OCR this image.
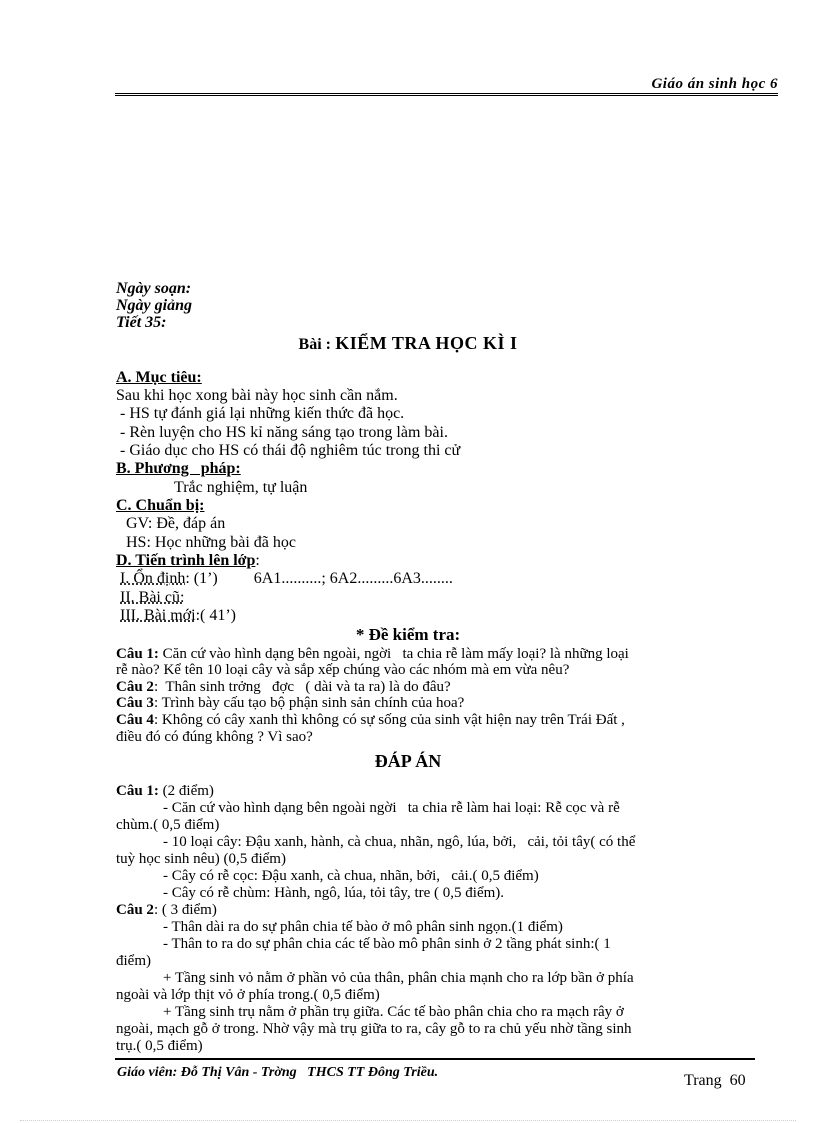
Giáo án sinh học 6
Ngày soạn:
Ngày giảng
Tiết 35:
Bài : KIỂM TRA HỌC KÌ I
A. Mục tiêu:
Sau khi học xong bài này học sinh cần nắm.
- HS tự đánh giá lại những kiến thức đã học.
- Rèn luyện cho HS kỉ năng sáng tạo trong làm bài.
- Giáo dục cho HS có thái độ nghiêm túc trong thi cử
B. Phương   pháp:
Trắc nghiệm, tự luận
C. Chuẩn bị:
GV: Đề, đáp án
HS: Học những bài đã học
D. Tiến trình lên lớp:
I. Ổn định: (1’)         6A1..........; 6A2.........6A3........
II. Bài cũ:
III. Bài mới:( 41’)
* Đề kiểm tra:
Câu 1: Căn cứ vào hình dạng bên ngoài, ngời   ta chia rễ làm mấy loại? là những loại
rễ nào? Kể tên 10 loại cây và sắp xếp chúng vào các nhóm mà em vừa nêu?
Câu 2:  Thân sinh trởng   đợc   ( dài và ta ra) là do đâu?
Câu 3: Trình bày cấu tạo bộ phận sinh sản chính của hoa?
Câu 4: Không có cây xanh thì không có sự sống của sinh vật hiện nay trên Trái Đất ,
điều đó có đúng không ? Vì sao?
ĐÁP ÁN
Câu 1: (2 điểm)
- Căn cứ vào hình dạng bên ngoài ngời   ta chia rễ làm hai loại: Rễ cọc và rễ
chùm.( 0,5 điểm)
- 10 loại cây: Đậu xanh, hành, cà chua, nhãn, ngô, lúa, bởi,   cải, tỏi tây( có thể
tuỳ học sinh nêu) (0,5 điểm)
- Cây có rễ cọc: Đậu xanh, cà chua, nhãn, bởi,   cải.( 0,5 điểm)
- Cây có rễ chùm: Hành, ngô, lúa, tỏi tây, tre ( 0,5 điểm).
Câu 2: ( 3 điểm)
- Thân dài ra do sự phân chia tế bào ở mô phân sinh ngọn.(1 điểm)
- Thân to ra do sự phân chia các tế bào mô phân sinh ở 2 tầng phát sinh:( 1
điểm)
+ Tầng sinh vỏ nằm ở phần vỏ của thân, phân chia mạnh cho ra lớp bần ở phía
ngoài và lớp thịt vỏ ở phía trong.( 0,5 điểm)
+ Tầng sinh trụ nằm ở phần trụ giữa. Các tế bào phân chia cho ra mạch rây ở
ngoài, mạch gỗ ở trong. Nhờ vậy mà trụ giữa to ra, cây gỗ to ra chủ yếu nhờ tầng sinh
trụ.( 0,5 điểm)
Giáo viên: Đỗ Thị Vân - Trờng   THCS TT Đông Triều.	Trang  60
